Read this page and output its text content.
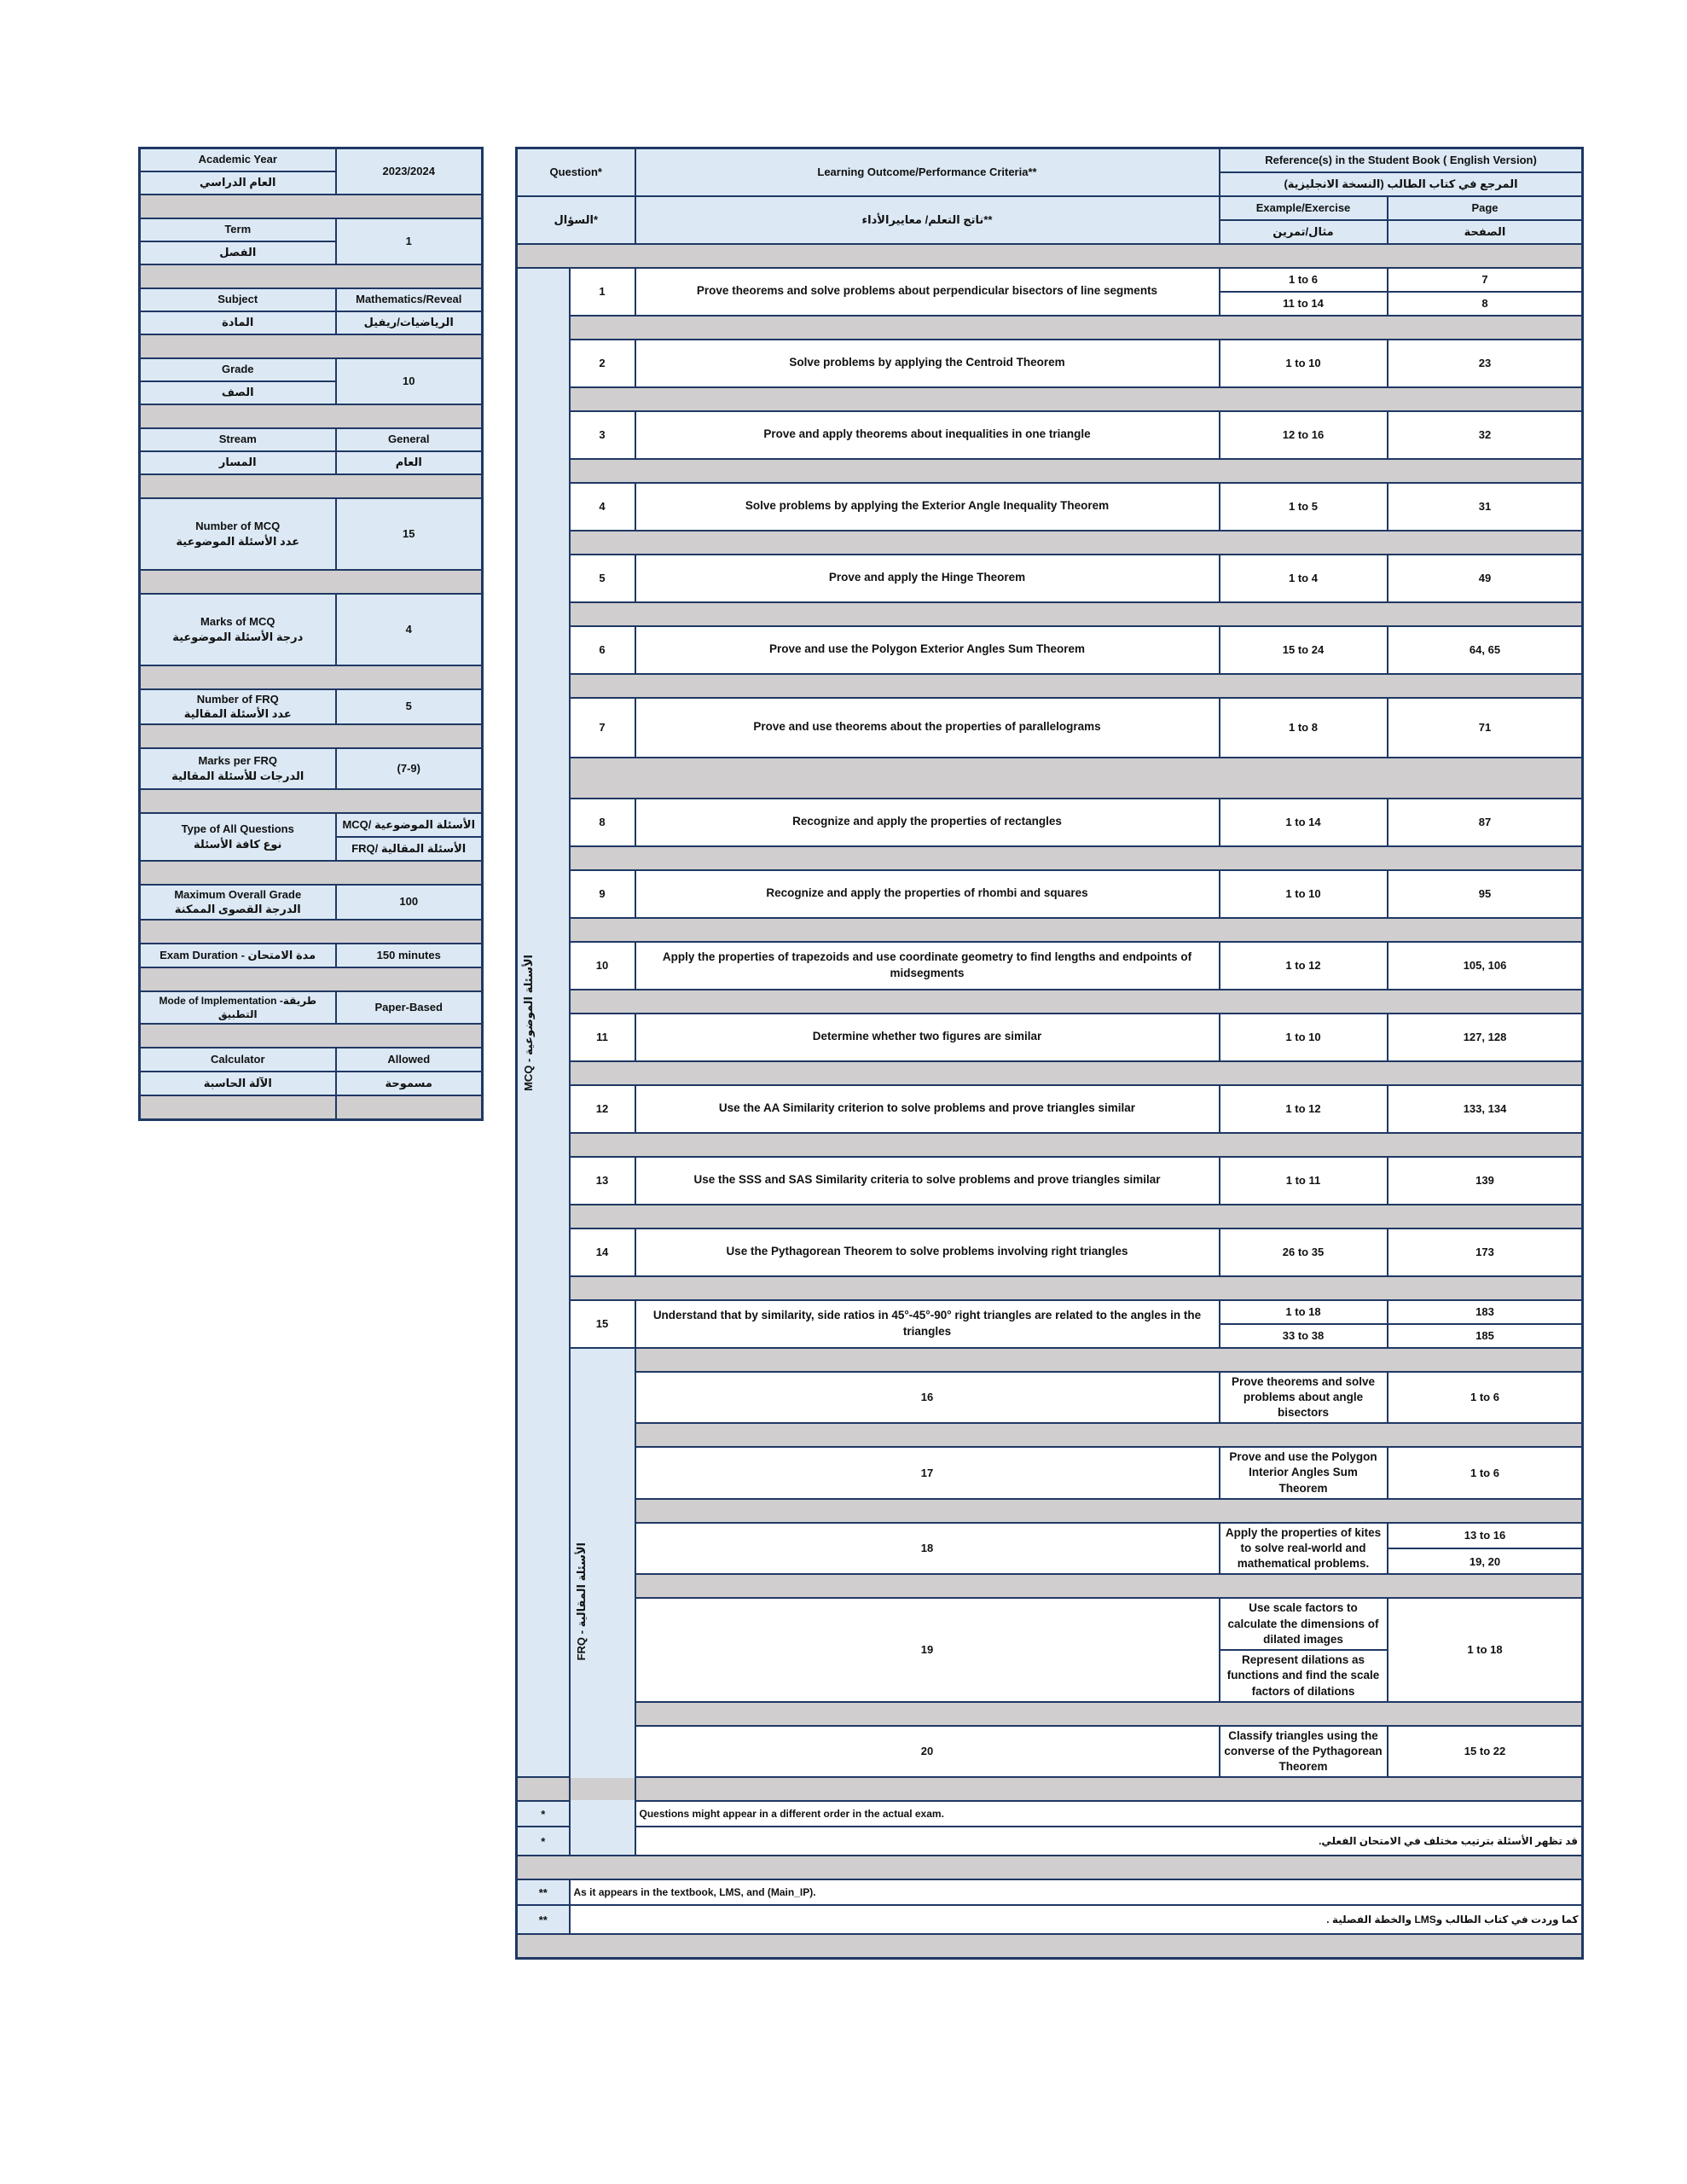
Academic Year	2023/2024
العام الدراسي	

Term	1
الفصل	

Subject	Mathematics/Reveal
المادة	الرياضيات/ريفيل

Grade	10
الصف	

Stream	General
المسار	العام

Number of MCQ
عدد الأسئلة الموضوعية	15

Marks of MCQ
درجة الأسئلة الموضوعية	4

Number of FRQ
عدد الأسئلة المقالية	5

Marks per FRQ
الدرجات للأسئلة المقالية	(7-9)

Type of All Questions
نوع كافة الأسئلة	MCQ/ الأسئلة الموضوعية
	FRQ/ الأسئلة المقالية

Maximum Overall Grade
الدرجة القصوى الممكنة	100

Exam Duration - مدة الامتحان	150 minutes

Mode of Implementation -طريقة التطبيق	Paper-Based

Calculator	Allowed
الآلة الحاسبة	مسموحة

Question*		Learning Outcome/Performance Criteria**	Reference(s) in the Student Book ( English Version)		
			المرجع في كتاب الطالب (النسخة الانجليزية)		
السؤال*		ناتج التعلم/ معاييرالأداء**	Example/Exercise	Page	
			مثال/تمرين	الصفحة	

MCQ - الأسئلة الموضوعية	1	Prove theorems and solve problems about perpendicular bisectors of line segments	1 to 6	7	
			11 to 14	8	

	2	Solve problems by applying the Centroid Theorem	1 to 10	23	

	3	Prove and apply theorems about inequalities in one triangle	12 to 16	32	

	4	Solve problems by applying the Exterior Angle Inequality Theorem	1 to 5	31	

	5	Prove and apply the Hinge Theorem	1 to 4	49	

	6	Prove and use the Polygon Exterior Angles Sum Theorem	15 to 24	64, 65	

	7	Prove and use theorems about the properties of parallelograms	1 to 8	71	

	8	Recognize and apply the properties of rectangles	1 to 14	87	

	9	Recognize and apply the properties of rhombi and squares	1 to 10	95	

	10	Apply the properties of trapezoids and use coordinate geometry to find lengths and endpoints of midsegments	1 to 12	105, 106	

	11	Determine whether two figures are similar	1 to 10	127, 128	

	12	Use the AA Similarity criterion to solve problems and prove triangles similar	1 to 12	133, 134	

	13	Use the SSS and SAS Similarity criteria to solve problems and prove triangles similar	1 to 11	139	

	14	Use the Pythagorean Theorem to solve problems involving right triangles	26 to 35	173	

	15	Understand that by similarity, side ratios in 45°-45°-90° right triangles are related to the angles in the triangles	1 to 18	183	
			33 to 38	185	

	FRQ - الأسئلة المقالية				

		16	Prove theorems and solve problems about angle bisectors	1 to 6	

		17	Prove and use the Polygon Interior Angles Sum Theorem	1 to 6	

		18	Apply the properties of kites to solve real-world and mathematical problems.	13 to 16	
				19, 20	

		19	Use scale factors to calculate the dimensions of dilated images	1 to 18	
			Represent dilations as functions and find the scale factors of dilations		

		20	Classify triangles using the converse of the Pythagorean Theorem	15 to 22	

*		Questions might appear in a different order in the actual exam.			
*		قد تظهر الأسئلة بترتيب مختلف في الامتحان الفعلي.			

**	As it appears in the textbook, LMS, and (Main_IP).				
**	كما وردت في كتاب الطالب وLMS والخطة الفصلية .				
